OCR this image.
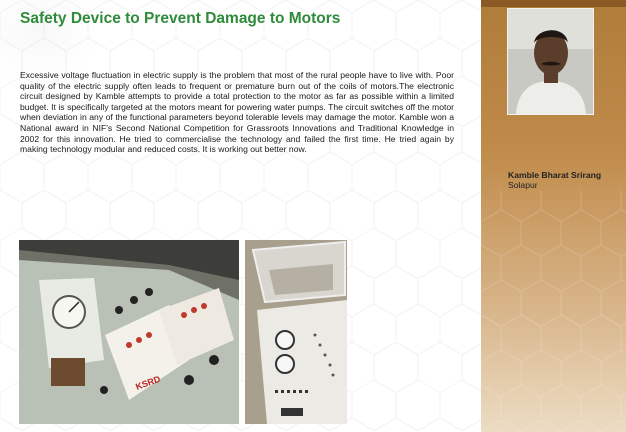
Safety Device to Prevent Damage to Motors

Excessive voltage fluctuation in electric supply is the problem that most of the rural people have to live with. Poor quality of the electric supply often leads to frequent or premature burn out of the coils of motors.The electronic circuit designed by Kamble attempts to provide a total protection to the motor as far as possible within a limited budget. It is specifically targeted at the motors meant for powering water pumps. The circuit switches off the motor when deviation in any of the functional parameters beyond tolerable levels may damage the motor. Kamble won a National award in NIF's Second National Competition for Grassroots Innovations and Traditional Knowledge in 2002 for this innovation. He tried to commercialise the technology and failed the first time. He tried again by making technology modular and reduced costs. It is working out better now.

KSRD

Kamble Bharat Srirang

Solapur
